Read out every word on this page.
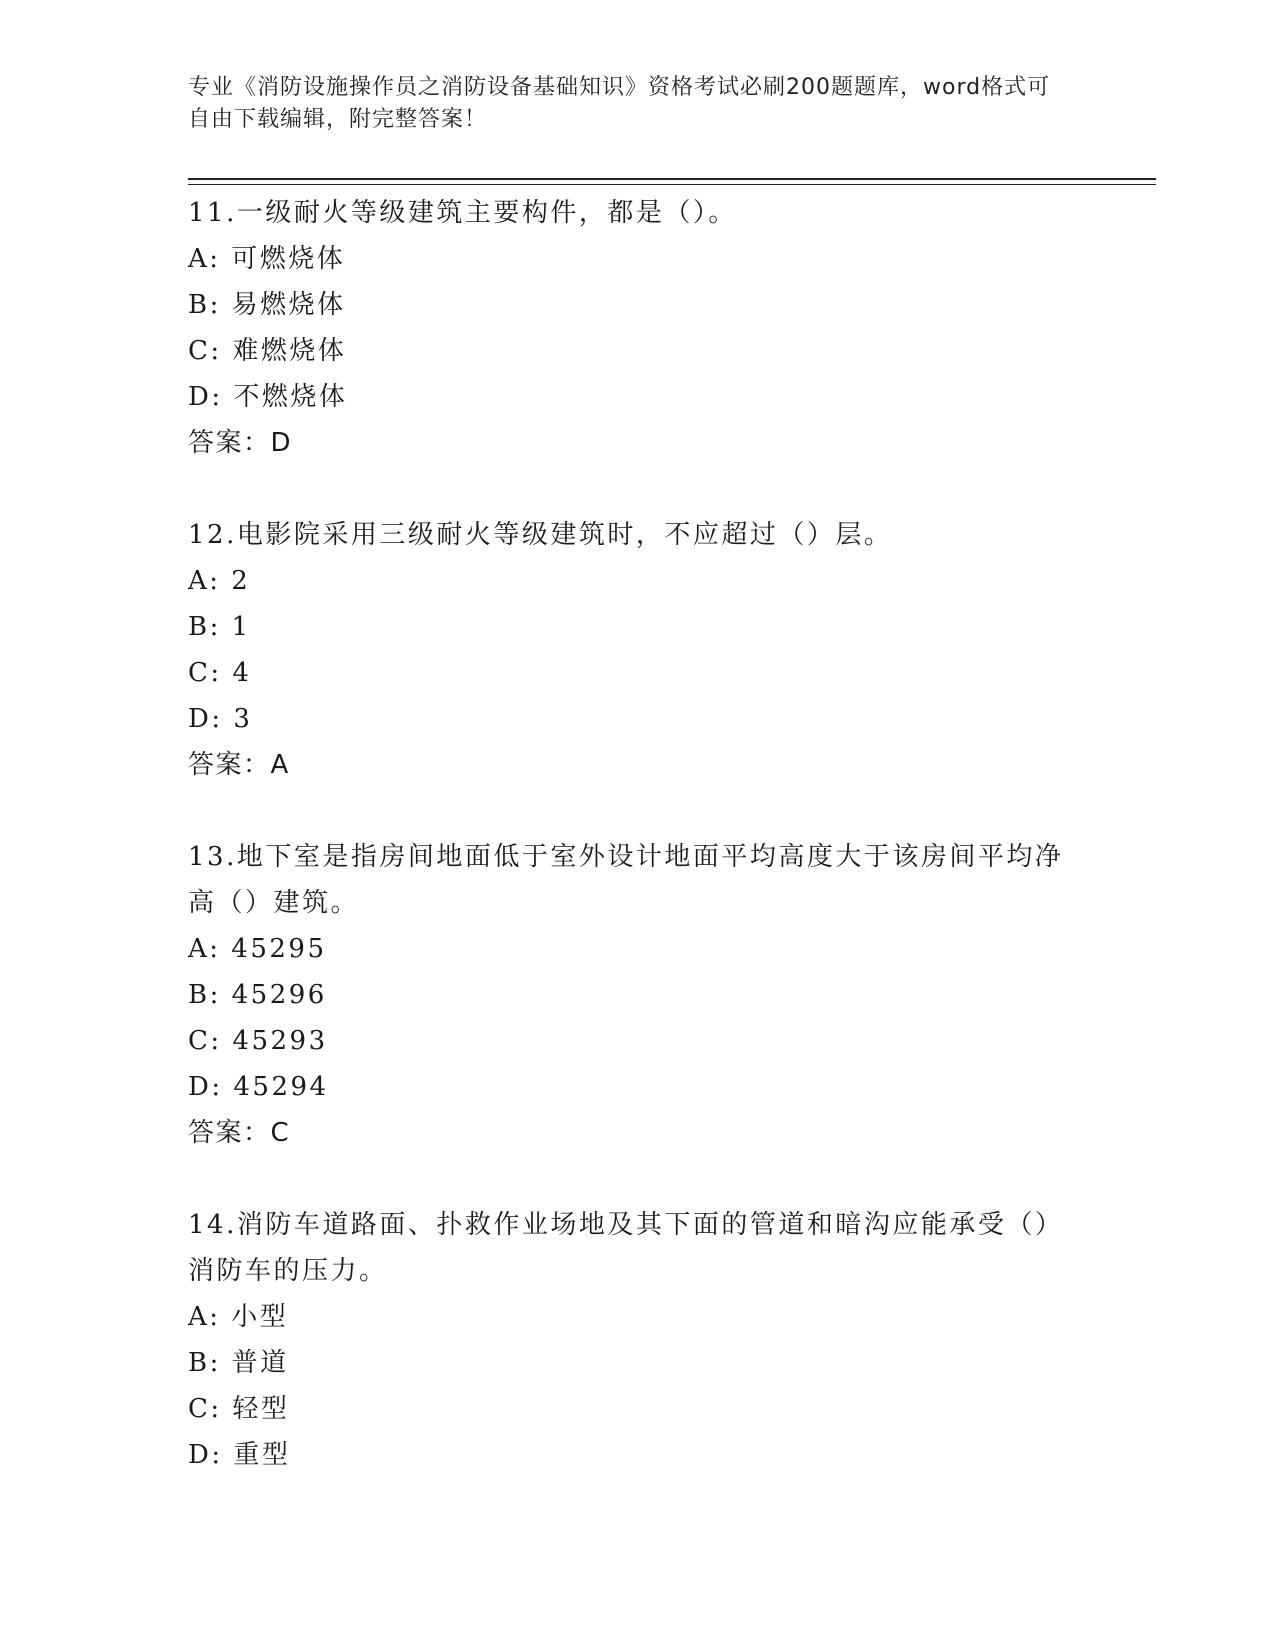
专业《消防设施操作员之消防设备基础知识》资格考试必刷200题题库，word格式可自由下载编辑，附完整答案！

11.一级耐火等级建筑主要构件，都是（）。

A: 可燃烧体

B: 易燃烧体

C: 难燃烧体

D: 不燃烧体

答案：D

12.电影院采用三级耐火等级建筑时，不应超过（）层。

A: 2

B: 1

C: 4

D: 3

答案：A

13.地下室是指房间地面低于室外设计地面平均高度大于该房间平均净高（）建筑。

A: 45295

B: 45296

C: 45293

D: 45294

答案：C

14.消防车道路面、扑救作业场地及其下面的管道和暗沟应能承受（）消防车的压力。

A: 小型

B: 普道

C: 轻型

D: 重型
